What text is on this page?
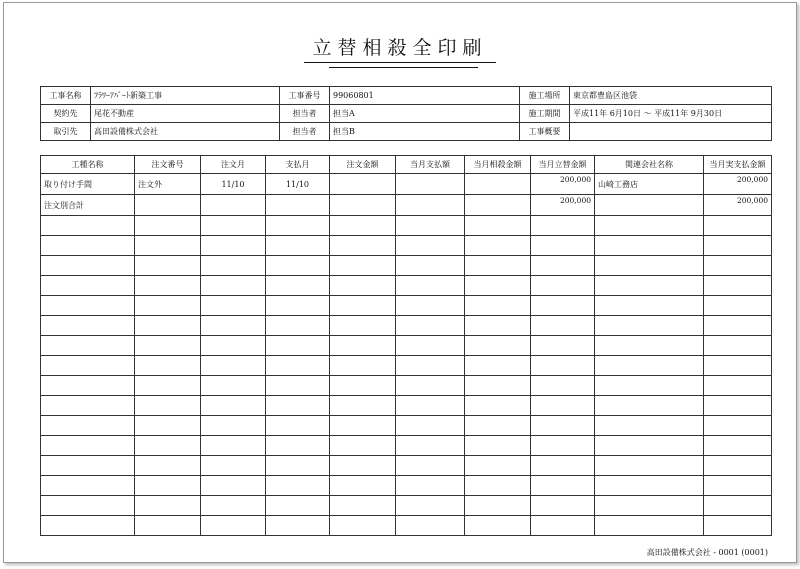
立替相殺全印刷
工事名称	ﾌﾗﾜｰｱﾊﾟｰﾄ新築工事	工事番号	99060801	施工場所	東京都豊島区池袋
契約先	尾花不動産	担当者	担当A	施工期間	平成11年 6月10日 〜 平成11年 9月30日
取引先	高田設備株式会社	担当者	担当B	工事概要	
工種名称	注文番号	注文月	支払月	注文金額	当月支払額	当月相殺金額	当月立替金額	関連会社名称	当月実支払金額
取り付け手間	注文外	11/10	11/10				200,000	山崎工務店	200,000
注文別合計							200,000		200,000

高田設備株式会社 - 0001 (0001)
